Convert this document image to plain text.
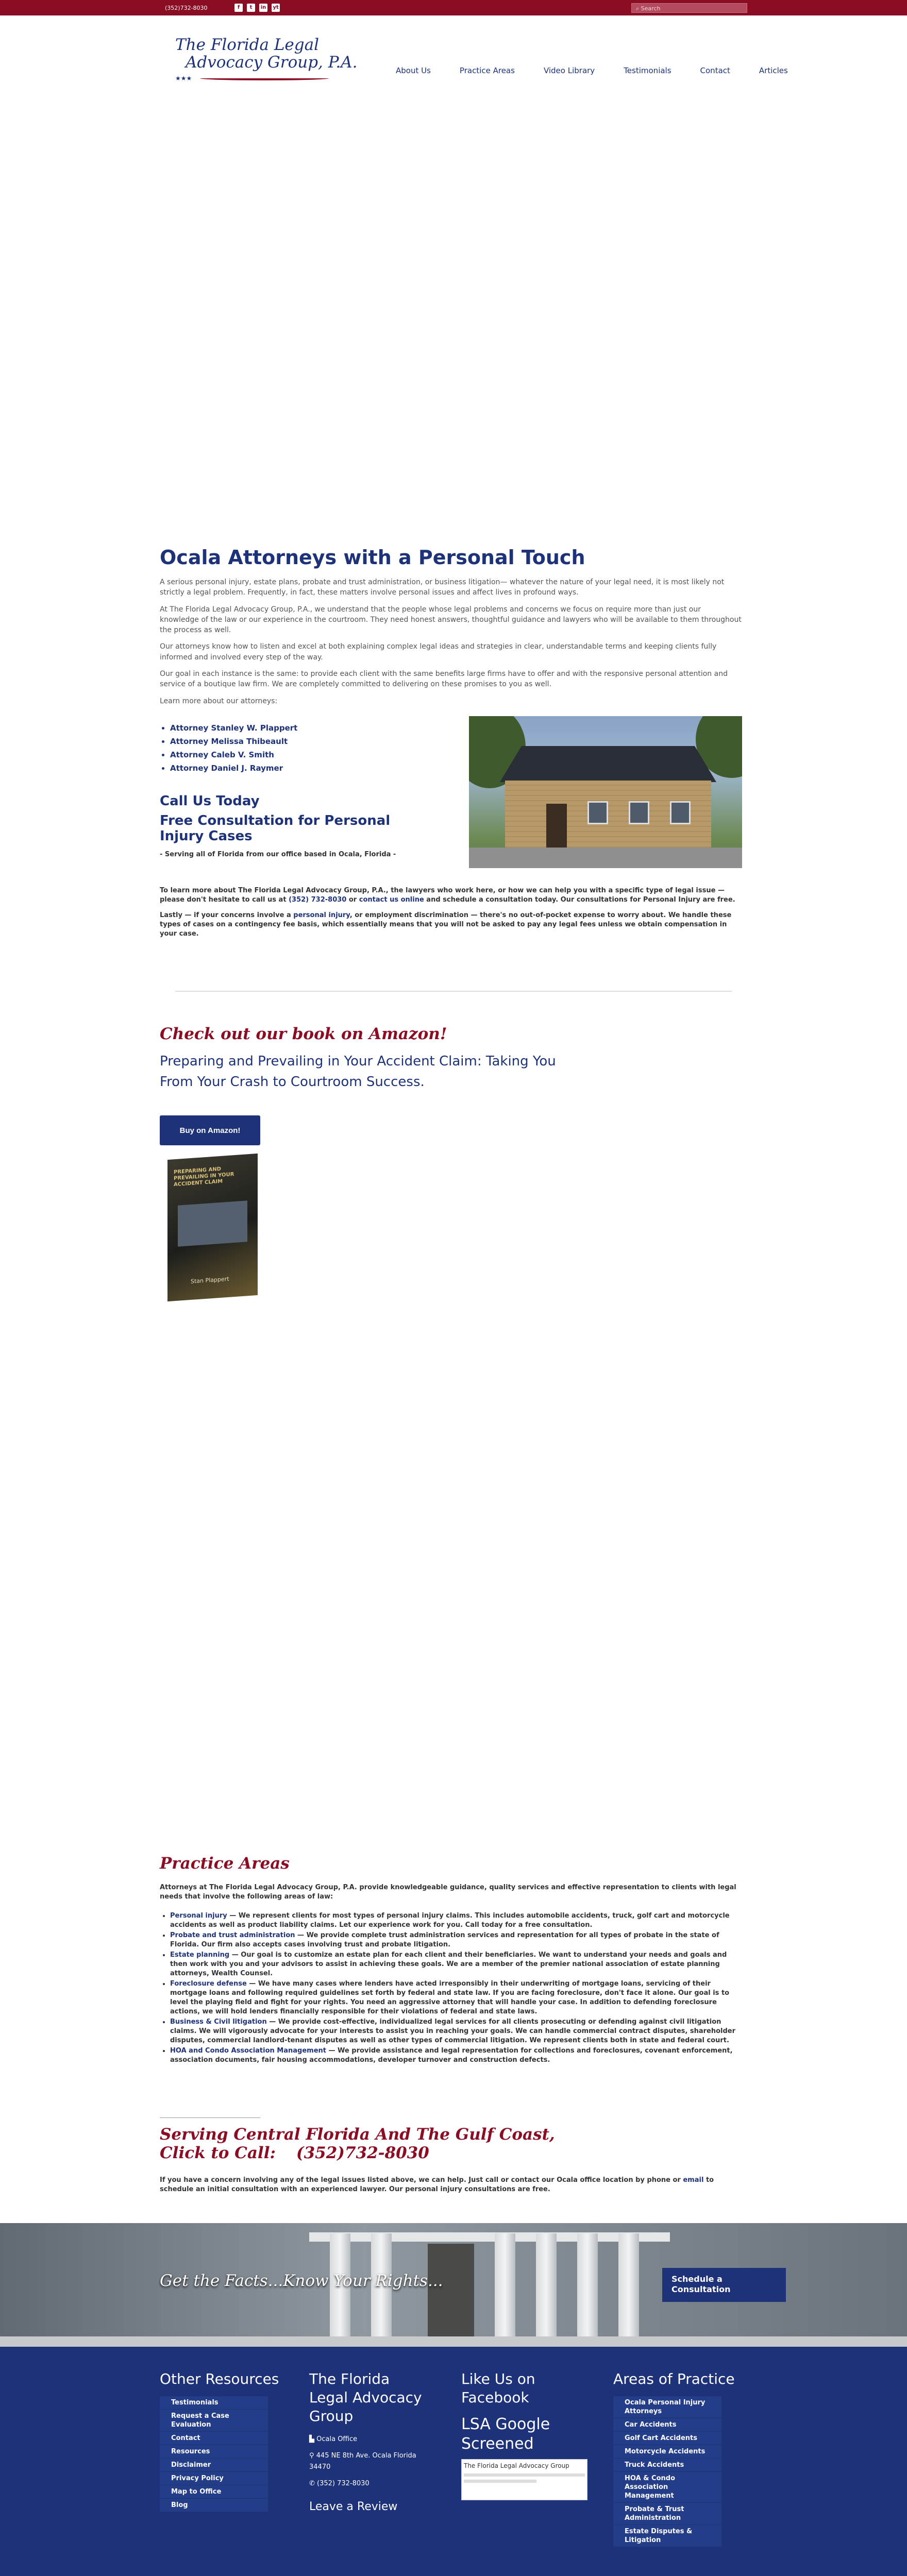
(352)732-8030	f	t	in yt	⌕ Search
The Florida Legal
Advocacy Group, P.A.
★★★
About Us	Practice Areas	Video Library	Testimonials	Contact	Articles
Ocala Attorneys with a Personal Touch

A serious personal injury, estate plans, probate and trust administration, or business litigation— whatever the nature of your legal need, it is most likely not strictly a legal problem. Frequently, in fact, these matters involve personal issues and affect lives in profound ways.

At The Florida Legal Advocacy Group, P.A., we understand that the people whose legal problems and concerns we focus on require more than just our knowledge of the law or our experience in the courtroom. They need honest answers, thoughtful guidance and lawyers who will be available to them throughout the process as well.

Our attorneys know how to listen and excel at both explaining complex legal ideas and strategies in clear, understandable terms and keeping clients fully informed and involved every step of the way.

Our goal in each instance is the same: to provide each client with the same benefits large firms have to offer and with the responsive personal attention and service of a boutique law firm. We are completely committed to delivering on these promises to you as well.

Learn more about our attorneys:

• Attorney Stanley W. Plappert
• Attorney Melissa Thibeault
• Attorney Caleb V. Smith
• Attorney Daniel J. Raymer
Call Us Today
Free Consultation for Personal Injury Cases
- Serving all of Florida from our office based in Ocala, Florida -

To learn more about The Florida Legal Advocacy Group, P.A., the lawyers who work here, or how we can help you with a specific type of legal issue — please don't hesitate to call us at (352) 732-8030 or contact us online and schedule a consultation today. Our consultations for Personal Injury are free.

Lastly — if your concerns involve a personal injury, or employment discrimination — there's no out-of-pocket expense to worry about. We handle these types of cases on a contingency fee basis, which essentially means that you will not be asked to pay any legal fees unless we obtain compensation in your case.

Check out our book on Amazon!
Preparing and Prevailing in Your Accident Claim: Taking You From Your Crash to Courtroom Success.
Buy on Amazon!
PREPARING AND PREVAILING IN YOUR ACCIDENT CLAIM
Stan Plappert
Practice Areas
Attorneys at The Florida Legal Advocacy Group, P.A. provide knowledgeable guidance, quality services and effective representation to clients with legal needs that involve the following areas of law:
• Personal injury — We represent clients for most types of personal injury claims. This includes automobile accidents, truck, golf cart and motorcycle accidents as well as product liability claims. Let our experience work for you. Call today for a free consultation.
• Probate and trust administration — We provide complete trust administration services and representation for all types of probate in the state of Florida. Our firm also accepts cases involving trust and probate litigation.
• Estate planning — Our goal is to customize an estate plan for each client and their beneficiaries. We want to understand your needs and goals and then work with you and your advisors to assist in achieving these goals. We are a member of the premier national association of estate planning attorneys, Wealth Counsel.
• Foreclosure defense — We have many cases where lenders have acted irresponsibly in their underwriting of mortgage loans, servicing of their mortgage loans and following required guidelines set forth by federal and state law. If you are facing foreclosure, don't face it alone. Our goal is to level the playing field and fight for your rights. You need an aggressive attorney that will handle your case. In addition to defending foreclosure actions, we will hold lenders financially responsible for their violations of federal and state laws.
• Business & Civil litigation — We provide cost-effective, individualized legal services for all clients prosecuting or defending against civil litigation claims. We will vigorously advocate for your interests to assist you in reaching your goals. We can handle commercial contract disputes, shareholder disputes, commercial landlord-tenant disputes as well as other types of commercial litigation. We represent clients both in state and federal court.
• HOA and Condo Association Management — We provide assistance and legal representation for collections and foreclosures, covenant enforcement, association documents, fair housing accommodations, developer turnover and construction defects.
Serving Central Florida And The Gulf Coast,
Click to Call: (352)732-8030
If you have a concern involving any of the legal issues listed above, we can help. Just call or contact our Ocala office location by phone or email to schedule an initial consultation with an experienced lawyer. Our personal injury consultations are free.
Get the Facts...Know Your Rights...	Schedule a Consultation
Other Resources
Testimonials
Request a Case Evaluation
Contact
Resources
Disclaimer
Privacy Policy
Map to Office
Blog
The Florida Legal Advocacy Group
▙ Ocala Office
⚲ 445 NE 8th Ave. Ocala Florida 34470
✆ (352) 732-8030
Leave a Review
Like Us on Facebook
LSA Google Screened
The Florida Legal Advocacy Group
Areas of Practice
Ocala Personal Injury Attorneys
Car Accidents
Golf Cart Accidents
Motorcycle Accidents
Truck Accidents
HOA & Condo Association Management
Probate & Trust Administration
Estate Disputes & Litigation
